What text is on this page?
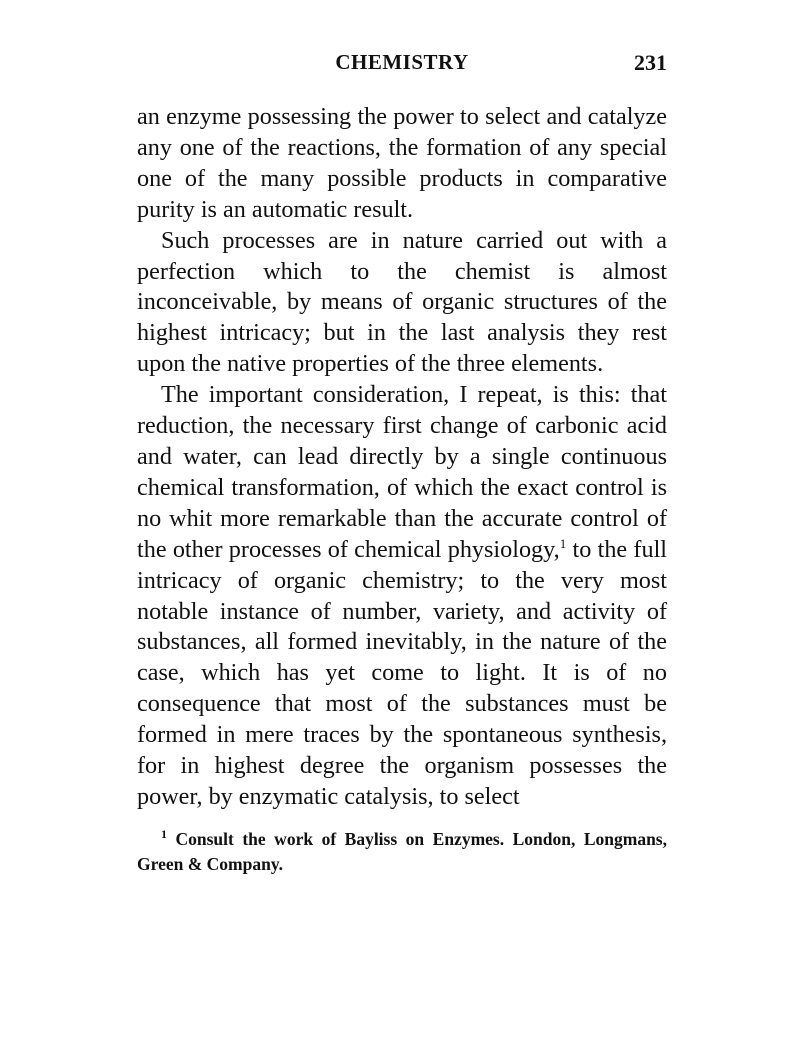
CHEMISTRY	231

an enzyme possessing the power to select and catalyze any one of the reactions, the formation of any special one of the many possible products in comparative purity is an automatic result.

Such processes are in nature carried out with a perfection which to the chemist is almost inconceivable, by means of organic structures of the highest intricacy; but in the last analysis they rest upon the native properties of the three elements.

The important consideration, I repeat, is this: that reduction, the necessary first change of carbonic acid and water, can lead directly by a single continuous chemical transformation, of which the exact control is no whit more remarkable than the accurate control of the other processes of chemical physiology,$^1$ to the full intricacy of organic chemistry; to the very most notable instance of number, variety, and activity of substances, all formed inevitably, in the nature of the case, which has yet come to light. It is of no consequence that most of the substances must be formed in mere traces by the spontaneous synthesis, for in highest degree the organism possesses the power, by enzymatic catalysis, to select

$^1$ Consult the work of Bayliss on Enzymes. London, Longmans, Green & Company.
